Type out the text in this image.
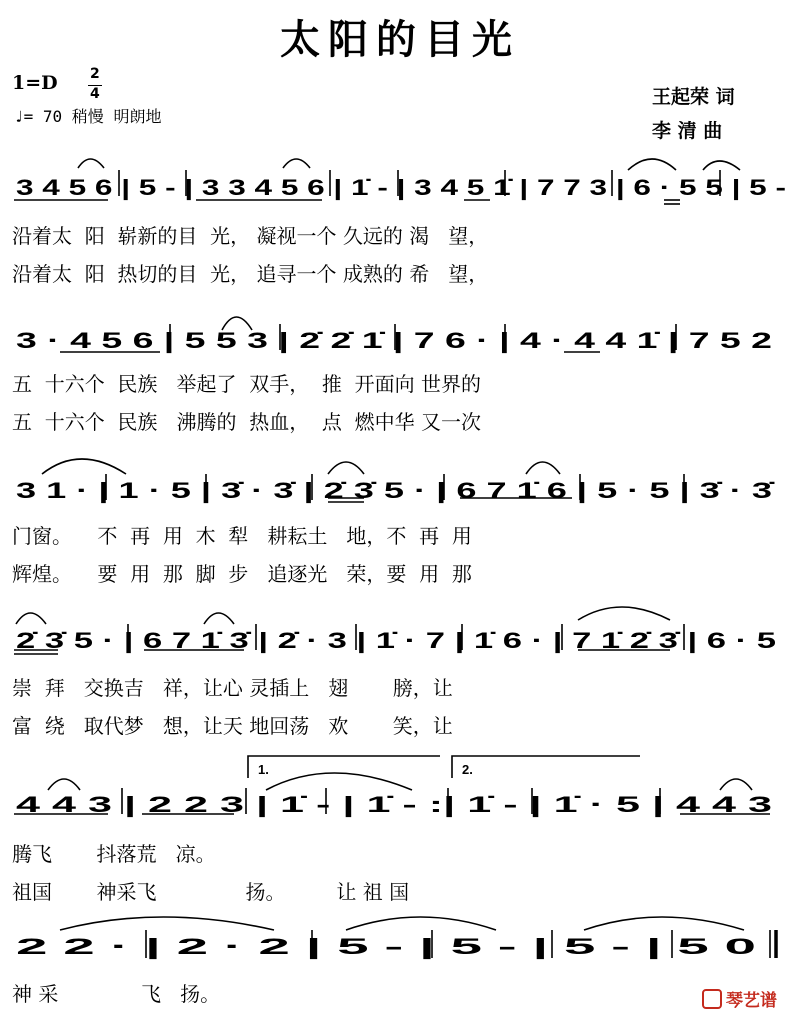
太阳的目光
1=D 2
4
♩= 70 稍慢 明朗地
王起荣 词
李 清 曲
3 4 5 6 | 5 - | 3 3 4 5 6 | 1̇ - | 3 4 5 1̇ | 7 7 3 | 6 · 5 5 | 5 -
沿着太  阳  崭新的目  光， 凝视一个 久远的 渴   望，
沿着太  阳  热切的目  光， 追寻一个 成熟的 希   望，
3 · 4 5 6 | 5 5 3 | 2̇ 2̇ 1̇ | 7 6 · | 4 · 4 4 1̇ | 7 5 2
五  十六个  民族   举起了  双手，  推  开面向 世界的
五  十六个  民族   沸腾的  热血，  点  燃中华 又一次
3 1 · | 1 · 5 | 3̇ · 3̇ | 2̇ 3̇ 5 · | 6 7 1̇ 6 | 5 · 5 | 3̇ · 3̇
门窗。    不  再  用  木  犁   耕耘土   地，不  再  用
辉煌。    要  用  那  脚  步   追逐光   荣，要  用  那
2̇ 3̇ 5 · | 6 7 1̇ 3̇ | 2̇ · 3 | 1̇ · 7 | 1̇ 6 · | 7 1̇ 2̇ 3̇ | 6 · 5
崇  拜   交换吉   祥，让心 灵插上   翅       膀，让
富  绕   取代梦   想，让天 地回荡   欢       笑，让
1.	2.
4 4 3 | 2 2 3 | 1̇ - | 1̇ - :| 1̇ - | 1̇ · 5 | 4 4 3
腾飞       抖落荒   凉。
祖国       神采飞              扬。        让 祖 国
2 2 · | 2 · 2 | 5 - | 5 - | 5 - | 5 0
神 采             飞   扬。	琴艺谱
